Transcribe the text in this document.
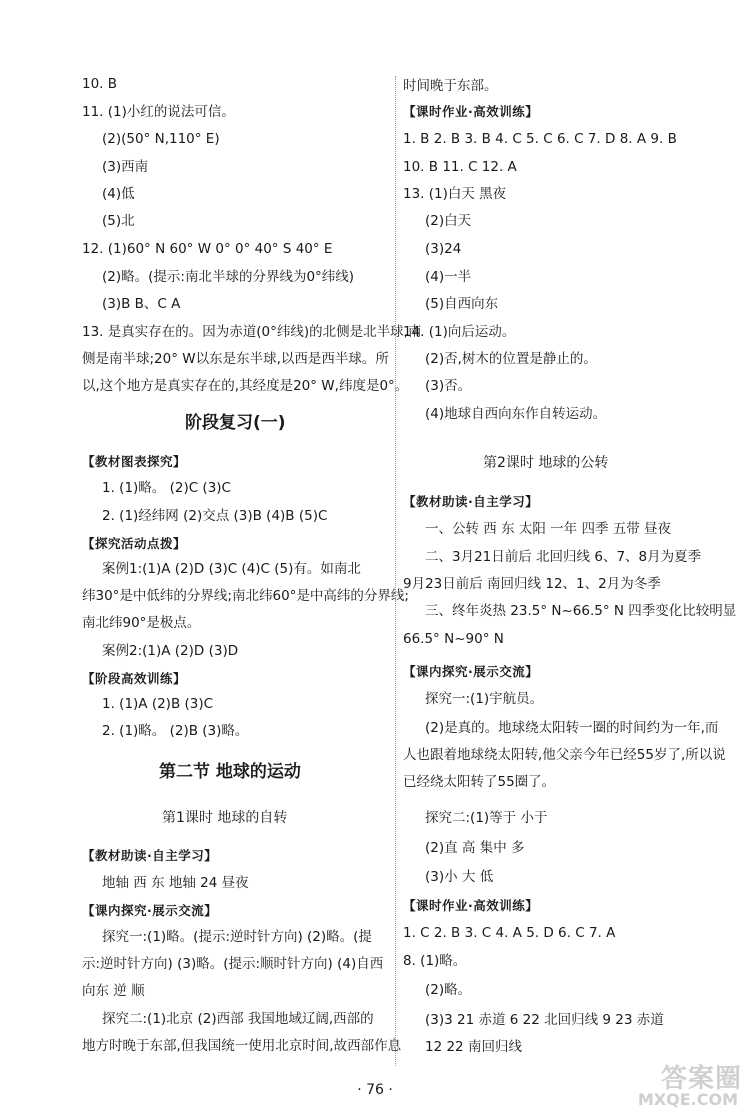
10. B
11. (1)小红的说法可信。
(2)(50° N,110° E)
(3)西南
(4)低
(5)北
12. (1)60° N 60° W 0° 0° 40° S 40° E
(2)略。(提示:南北半球的分界线为0°纬线)
(3)B B、C A
13. 是真实存在的。因为赤道(0°纬线)的北侧是北半球,南
侧是南半球;20° W以东是东半球,以西是西半球。所
以,这个地方是真实存在的,其经度是20° W,纬度是0°。
阶段复习(一)
【教材图表探究】
1. (1)略。 (2)C (3)C
2. (1)经纬网 (2)交点 (3)B (4)B (5)C
【探究活动点拨】
案例1:(1)A (2)D (3)C (4)C (5)有。如南北
纬30°是中低纬的分界线;南北纬60°是中高纬的分界线;
南北纬90°是极点。
案例2:(1)A (2)D (3)D
【阶段高效训练】
1. (1)A (2)B (3)C
2. (1)略。 (2)B (3)略。
第二节 地球的运动
第1课时 地球的自转
【教材助读·自主学习】
地轴 西 东 地轴 24 昼夜
【课内探究·展示交流】
探究一:(1)略。(提示:逆时针方向) (2)略。(提
示:逆时针方向) (3)略。(提示:顺时针方向) (4)自西
向东 逆 顺
探究二:(1)北京 (2)西部 我国地域辽阔,西部的
地方时晚于东部,但我国统一使用北京时间,故西部作息
时间晚于东部。
【课时作业·高效训练】
1. B 2. B 3. B 4. C 5. C 6. C 7. D 8. A 9. B
10. B 11. C 12. A
13. (1)白天 黑夜
(2)白天
(3)24
(4)一半
(5)自西向东
14. (1)向后运动。
(2)否,树木的位置是静止的。
(3)否。
(4)地球自西向东作自转运动。
第2课时 地球的公转
【教材助读·自主学习】
一、公转 西 东 太阳 一年 四季 五带 昼夜
二、3月21日前后 北回归线 6、7、8月为夏季
9月23日前后 南回归线 12、1、2月为冬季
三、终年炎热 23.5° N~66.5° N 四季变化比较明显
66.5° N~90° N
【课内探究·展示交流】
探究一:(1)宇航员。
(2)是真的。地球绕太阳转一圈的时间约为一年,而
人也跟着地球绕太阳转,他父亲今年已经55岁了,所以说
已经绕太阳转了55圈了。
探究二:(1)等于 小于
(2)直 高 集中 多
(3)小 大 低
【课时作业·高效训练】
1. C 2. B 3. C 4. A 5. D 6. C 7. A
8. (1)略。
(2)略。
(3)3 21 赤道 6 22 北回归线 9 23 赤道
12 22 南回归线
· 76 ·	答案圈
MXQE.COM
